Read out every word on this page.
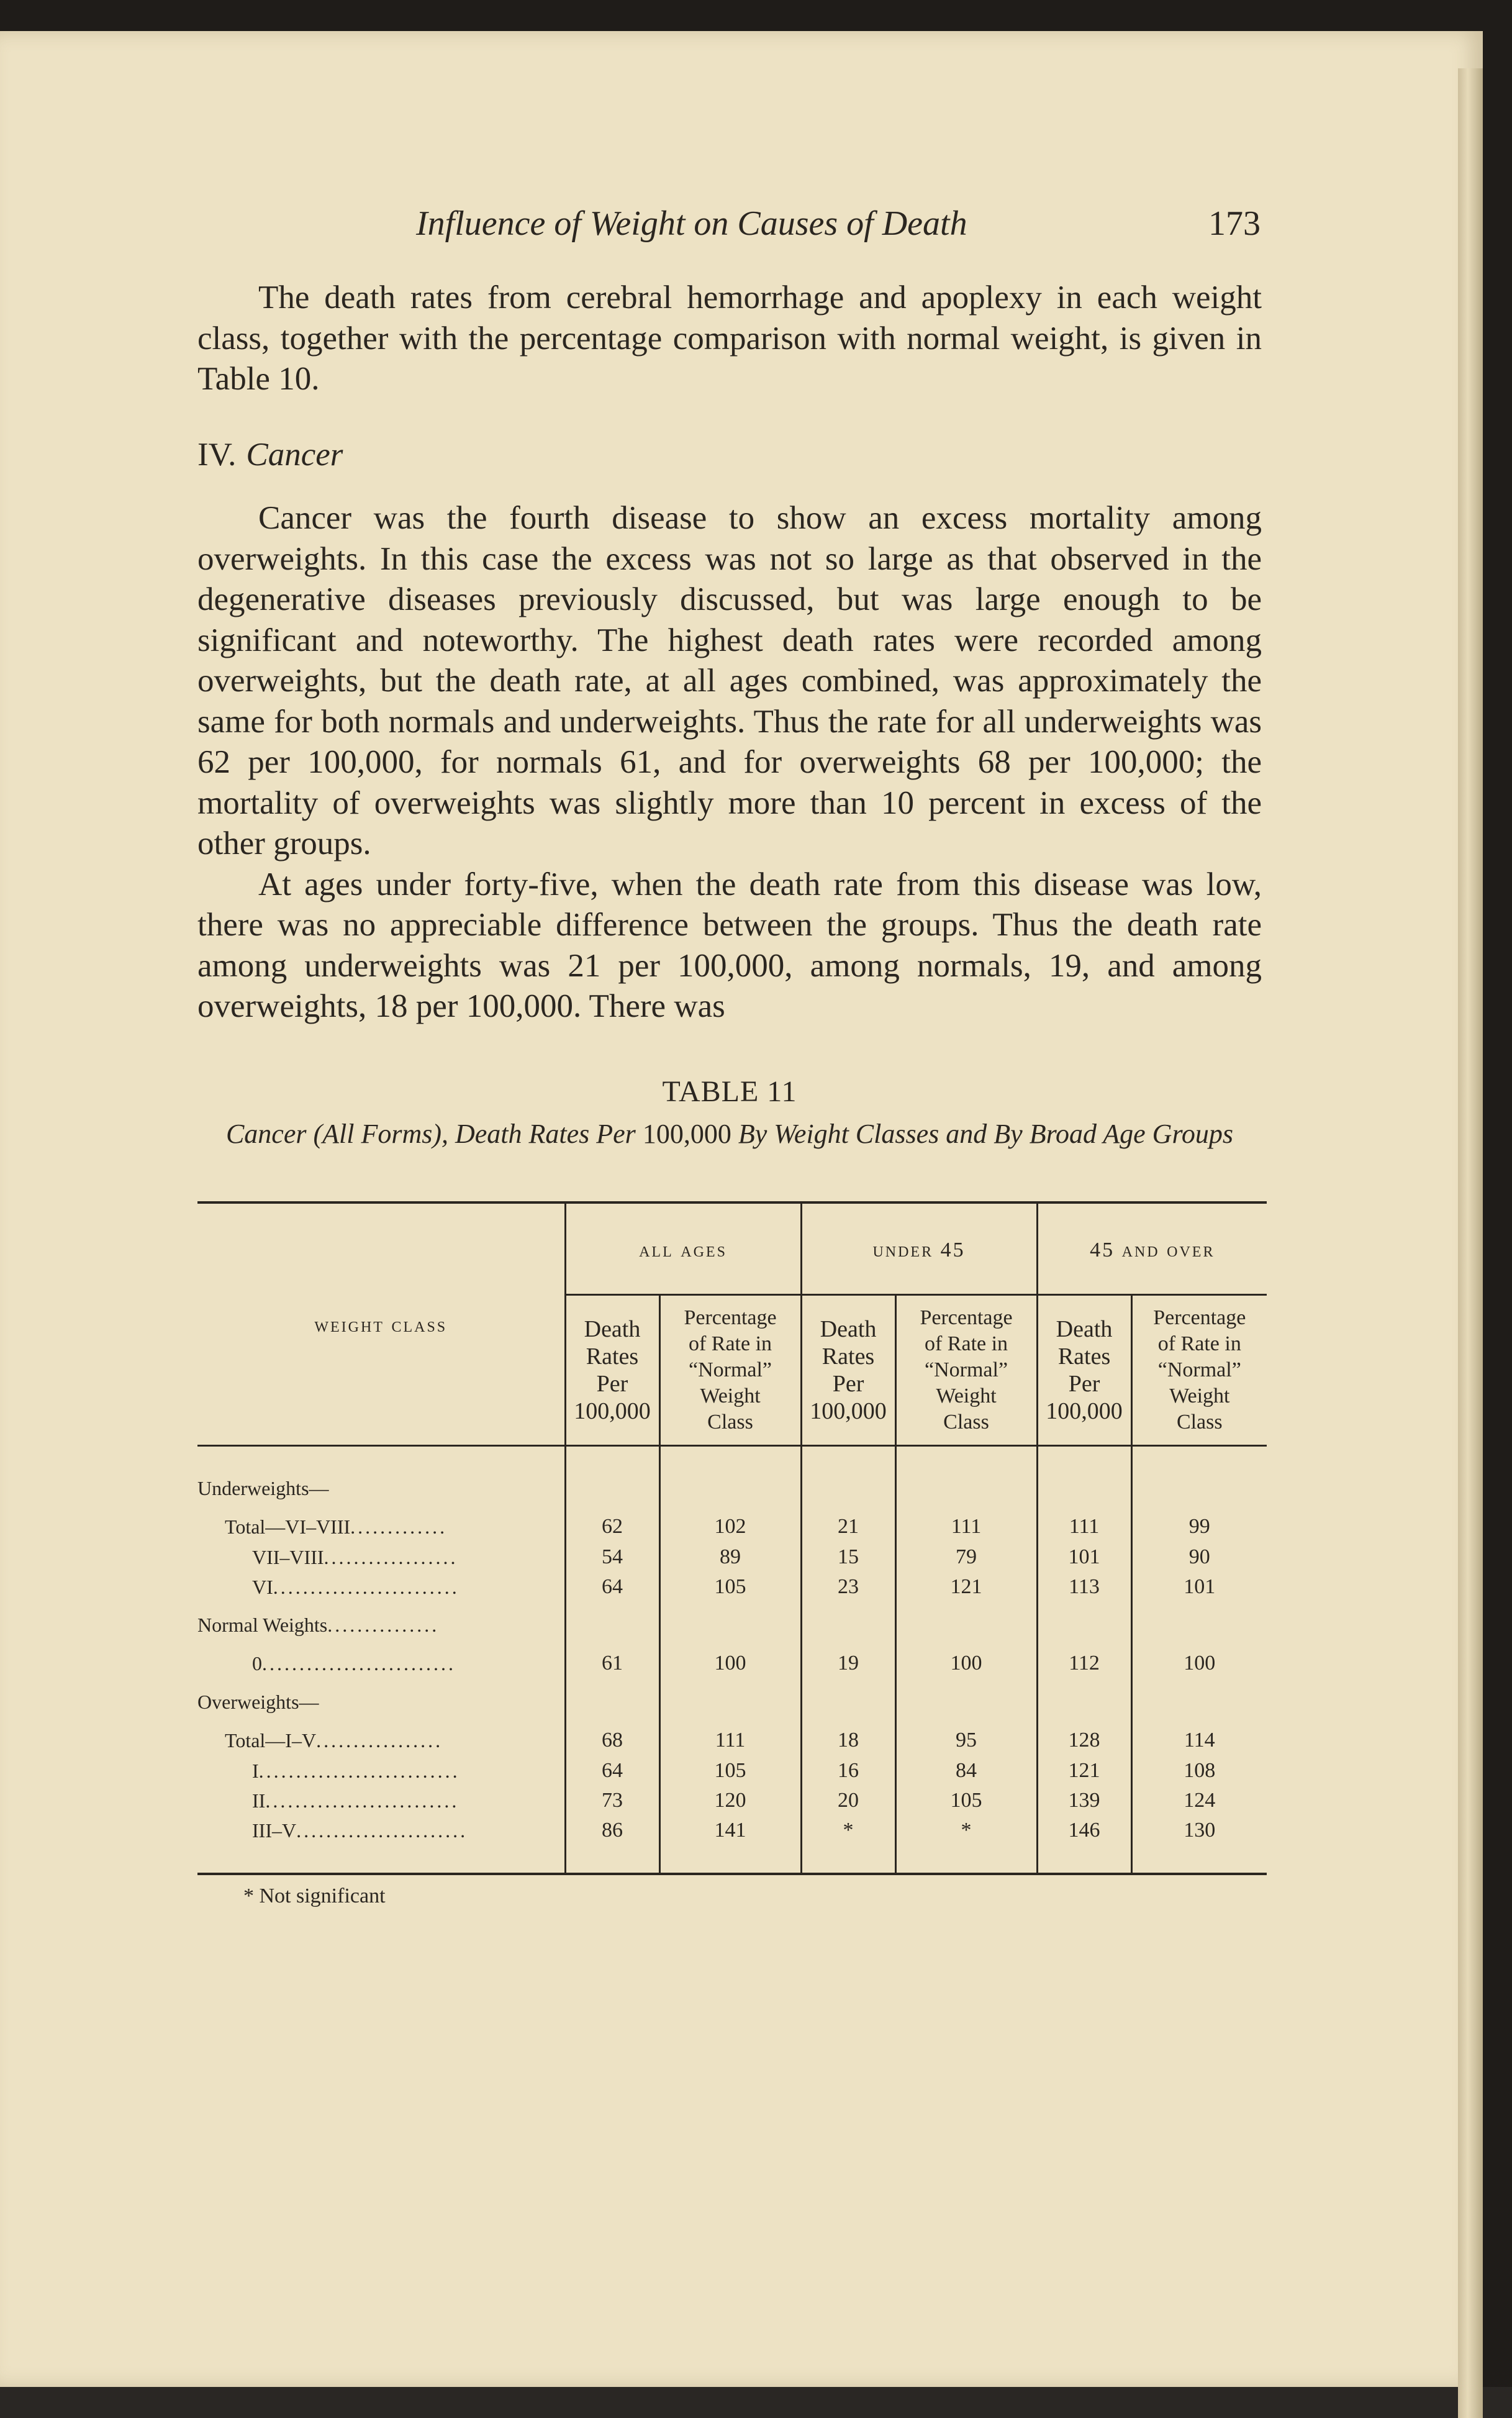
Influence of Weight on Causes of Death	173

The death rates from cerebral hemorrhage and apoplexy in each weight class, together with the percentage comparison with normal weight, is given in Table 10.

IV. Cancer

Cancer was the fourth disease to show an excess mortality among overweights. In this case the excess was not so large as that observed in the degenerative diseases previously discussed, but was large enough to be significant and noteworthy. The highest death rates were recorded among overweights, but the death rate, at all ages combined, was approximately the same for both normals and underweights. Thus the rate for all underweights was 62 per 100,000, for normals 61, and for overweights 68 per 100,000; the mortality of overweights was slightly more than 10 percent in excess of the other groups.

At ages under forty-five, when the death rate from this disease was low, there was no appreciable difference between the groups. Thus the death rate among underweights was 21 per 100,000, among normals, 19, and among overweights, 18 per 100,000. There was

TABLE 11
Cancer (All Forms), Death Rates Per 100,000 By Weight Classes and By Broad Age Groups
weight class	all ages		under 45		45 and over	
	Death
Rates
Per
100,000	Percentage
of Rate in
“Normal”
Weight
Class	Death
Rates
Per
100,000	Percentage
of Rate in
“Normal”
Weight
Class	Death
Rates
Per
100,000	Percentage
of Rate in
“Normal”
Weight
Class

Underweights—						
Total—VI–VIII.............	62	102	21	111	111	99
VII–VIII..................	54	89	15	79	101	90
VI.........................	64	105	23	121	113	101
Normal Weights...............						
0..........................	61	100	19	100	112	100
Overweights—						
Total—I–V.................	68	111	18	95	128	114
I...........................	64	105	16	84	121	108
II..........................	73	120	20	105	139	124
III–V.......................	86	141	*	*	146	130

* Not significant
